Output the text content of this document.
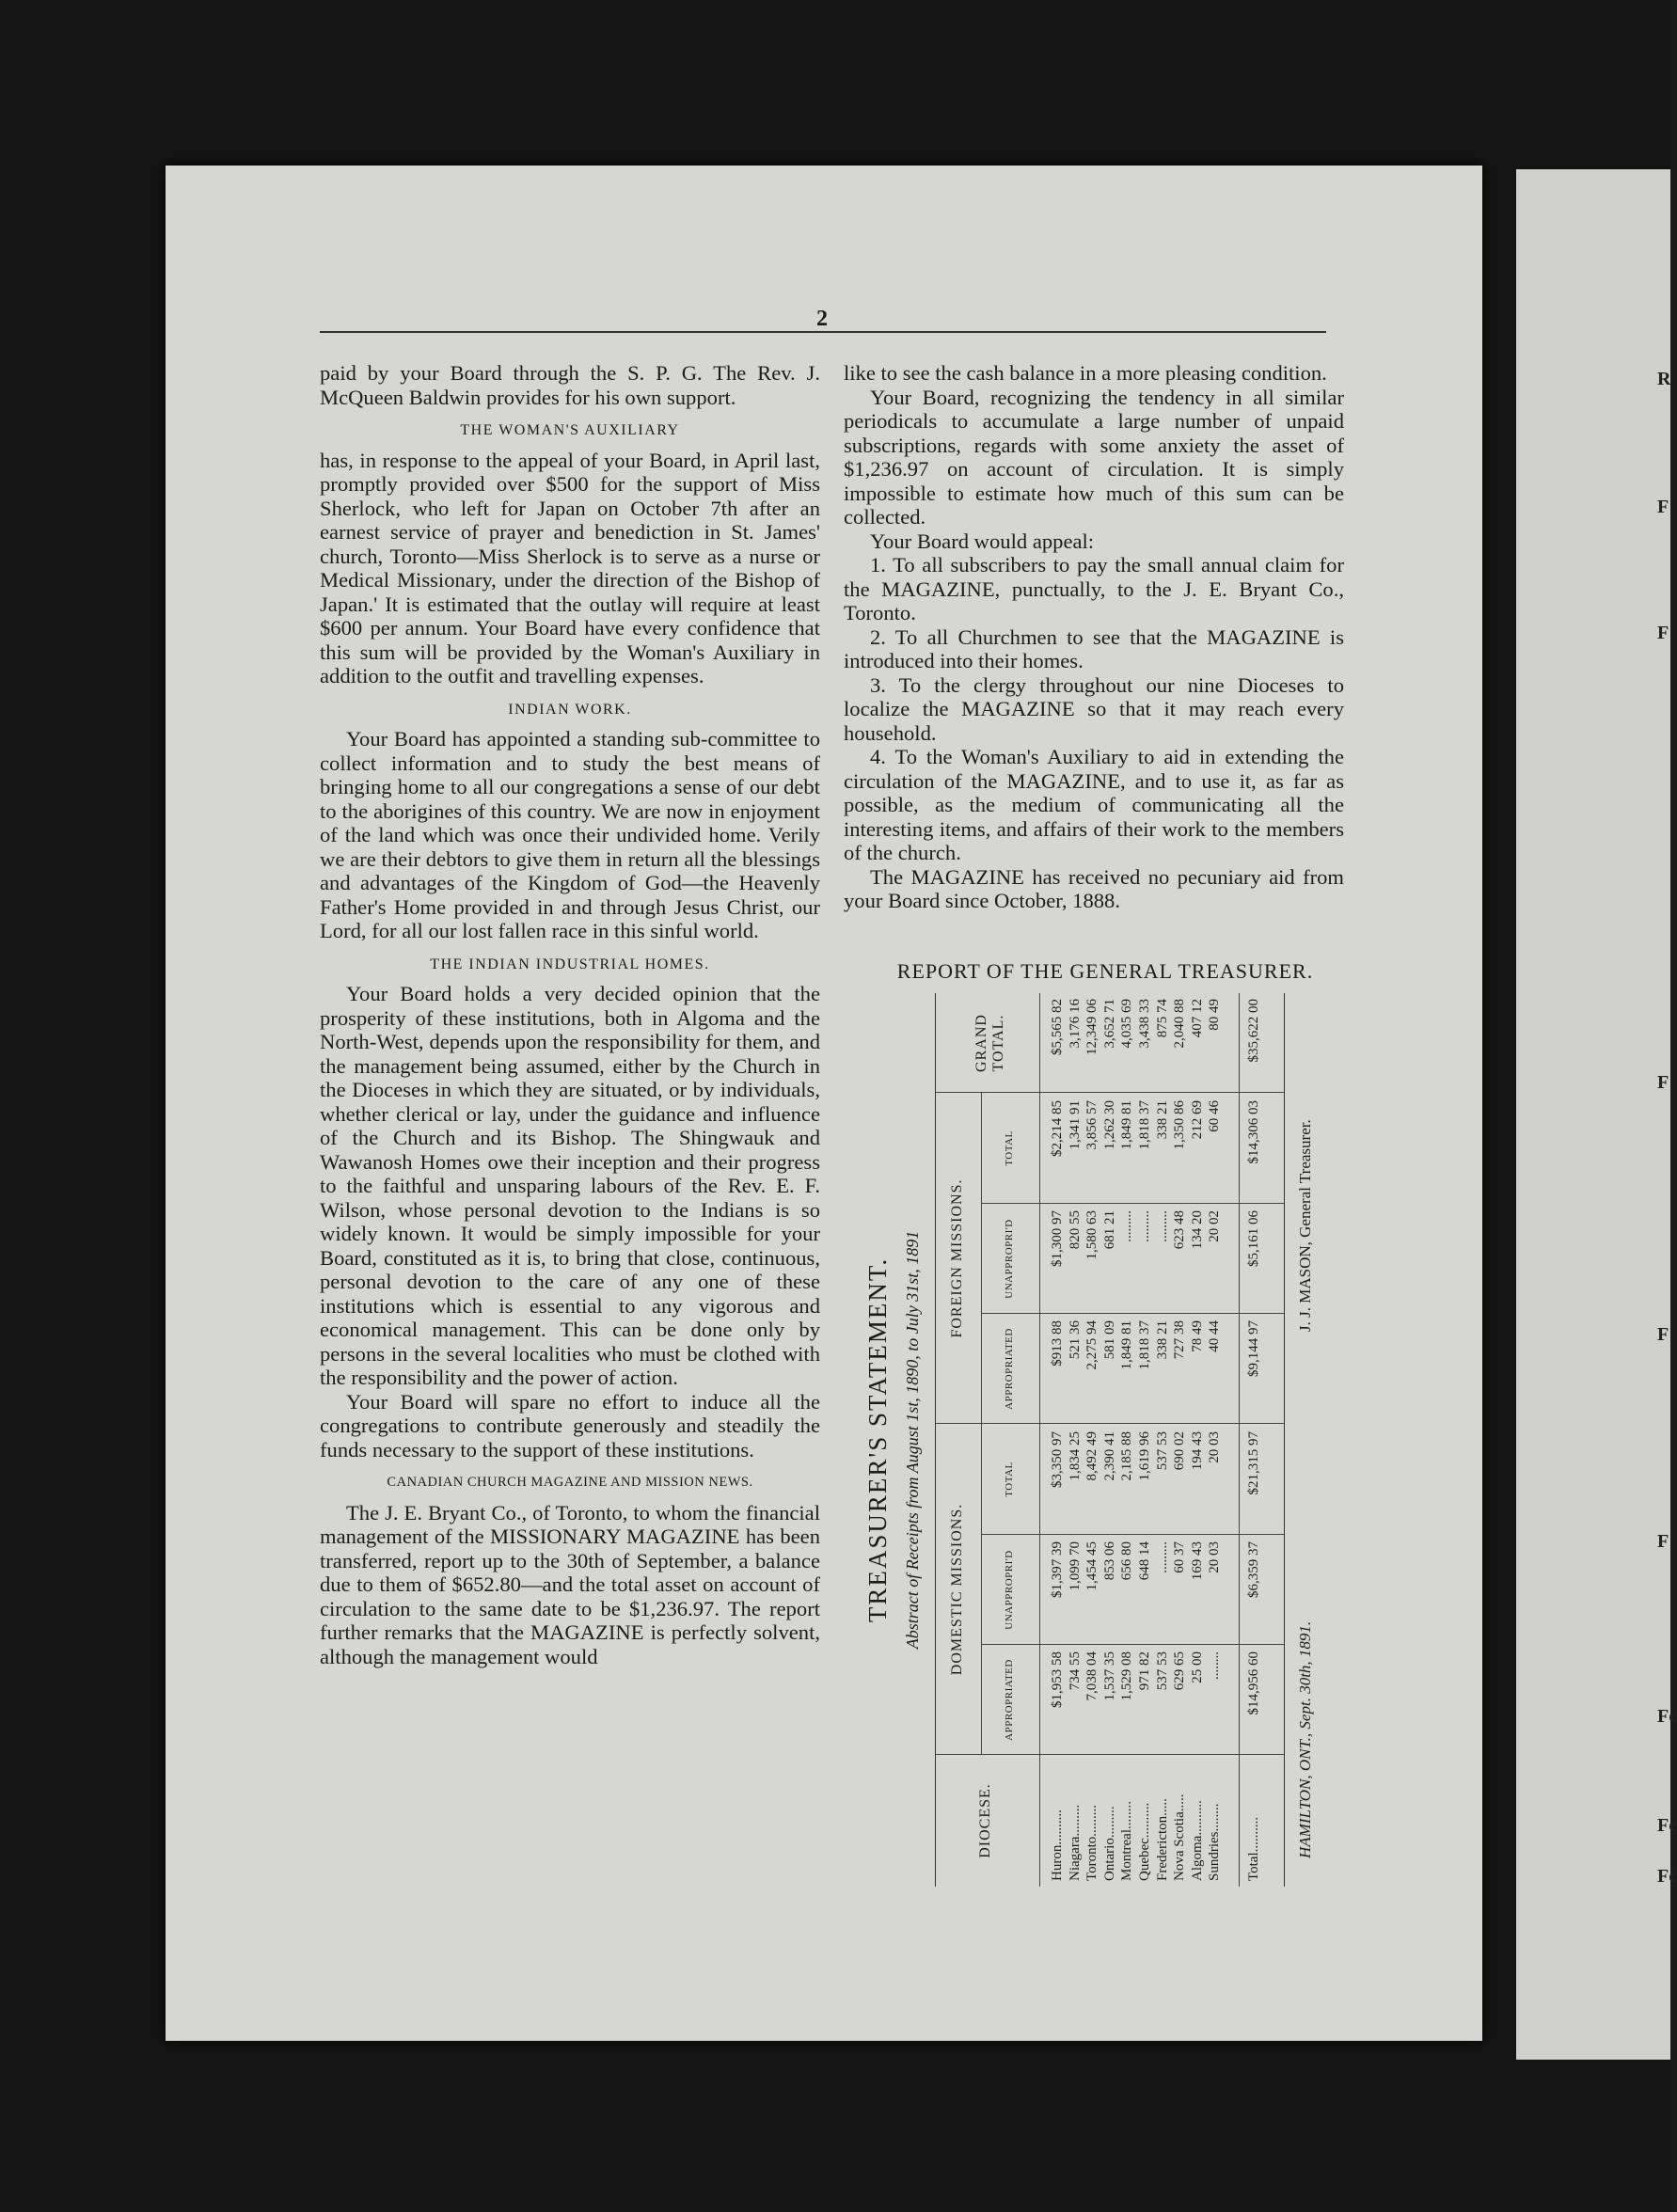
R
F
F
F
F
F
Fc
Fc
Fc
2

paid by your Board through the S. P. G. The Rev. J. McQueen Baldwin provides for his own support.

THE WOMAN'S AUXILIARY

has, in response to the appeal of your Board, in April last, promptly provided over $500 for the support of Miss Sherlock, who left for Japan on October 7th after an earnest service of prayer and benediction in St. James' church, Toronto—Miss Sherlock is to serve as a nurse or Medical Missionary, under the direction of the Bishop of Japan.' It is estimated that the outlay will require at least $600 per annum. Your Board have every confidence that this sum will be provided by the Woman's Auxiliary in addition to the outfit and travelling expenses.

INDIAN WORK.

Your Board has appointed a standing sub-committee to collect information and to study the best means of bringing home to all our congregations a sense of our debt to the aborigines of this country. We are now in enjoyment of the land which was once their undivided home. Verily we are their debtors to give them in return all the blessings and advantages of the Kingdom of God—the Heavenly Father's Home provided in and through Jesus Christ, our Lord, for all our lost fallen race in this sinful world.

THE INDIAN INDUSTRIAL HOMES.

Your Board holds a very decided opinion that the prosperity of these institutions, both in Algoma and the North-West, depends upon the responsibility for them, and the management being assumed, either by the Church in the Dioceses in which they are situated, or by individuals, whether clerical or lay, under the guidance and influence of the Church and its Bishop. The Shingwauk and Wawanosh Homes owe their inception and their progress to the faithful and unsparing labours of the Rev. E. F. Wilson, whose personal devotion to the Indians is so widely known. It would be simply impossible for your Board, constituted as it is, to bring that close, continuous, personal devotion to the care of any one of these institutions which is essential to any vigorous and economical management. This can be done only by persons in the several localities who must be clothed with the responsibility and the power of action.

Your Board will spare no effort to induce all the congregations to contribute generously and steadily the funds necessary to the support of these institutions.

CANADIAN CHURCH MAGAZINE AND MISSION NEWS.

The J. E. Bryant Co., of Toronto, to whom the financial management of the MISSIONARY MAGAZINE has been transferred, report up to the 30th of September, a balance due to them of $652.80—and the total asset on account of circulation to the same date to be $1,236.97. The report further remarks that the MAGAZINE is perfectly solvent, although the management would

like to see the cash balance in a more pleasing condition.

Your Board, recognizing the tendency in all similar periodicals to accumulate a large number of unpaid subscriptions, regards with some anxiety the asset of $1,236.97 on account of circulation. It is simply impossible to estimate how much of this sum can be collected.

Your Board would appeal:

1. To all subscribers to pay the small annual claim for the MAGAZINE, punctually, to the J. E. Bryant Co., Toronto.

2. To all Churchmen to see that the MAGAZINE is introduced into their homes.

3. To the clergy throughout our nine Dioceses to localize the MAGAZINE so that it may reach every household.

4. To the Woman's Auxiliary to aid in extending the circulation of the MAGAZINE, and to use it, as far as possible, as the medium of communicating all the interesting items, and affairs of their work to the members of the church.

The MAGAZINE has received no pecuniary aid from your Board since October, 1888.

REPORT OF THE GENERAL TREASURER.
TREASURER'S STATEMENT. Abstract of Receipts from August 1st, 1890, to July 31st, 1891
DIOCESE.
DOMESTIC MISSIONS.
FOREIGN MISSIONS.
GRAND TOTAL.
APPROPRIATED
UNAPPROPRI'D
TOTAL
APPROPRIATED
UNAPPROPRI'D
TOTAL
Huron..........
Niagara.........
Toronto.........
Ontario.........
Montreal........
Quebec..........
Fredericton.....
Nova Scotia.....
Algoma..........
Sundries........
$1,953 58
734 55
7,038 04
1,537 35
1,529 08
971 82
537 53
629 65
25 00
........
$1,397 39
1,099 70
1,454 45
853 06
656 80
648 14
.........
60 37
169 43
20 03
$3,350 97
1,834 25
8,492 49
2,390 41
2,185 88
1,619 96
537 53
690 02
194 43
20 03
$913 88
521 36
2,275 94
581 09
1,849 81
1,818 37
338 21
727 38
78 49
40 44
$1,300 97
820 55
1,580 63
681 21
.........
.........
.........
623 48
134 20
20 02
$2,214 85
1,341 91
3,856 57
1,262 30
1,849 81
1,818 37
338 21
1,350 86
212 69
60 46
$5,565 82
3,176 16
12,349 06
3,652 71
4,035 69
3,438 33
875 74
2,040 88
407 12
80 49
Total..........
$14,956 60
$6,359 37
$21,315 97
$9,144 97
$5,161 06
$14,306 03
$35,622 00
HAMILTON, ONT., Sept. 30th, 1891.
J. J. MASON, General Treasurer.
